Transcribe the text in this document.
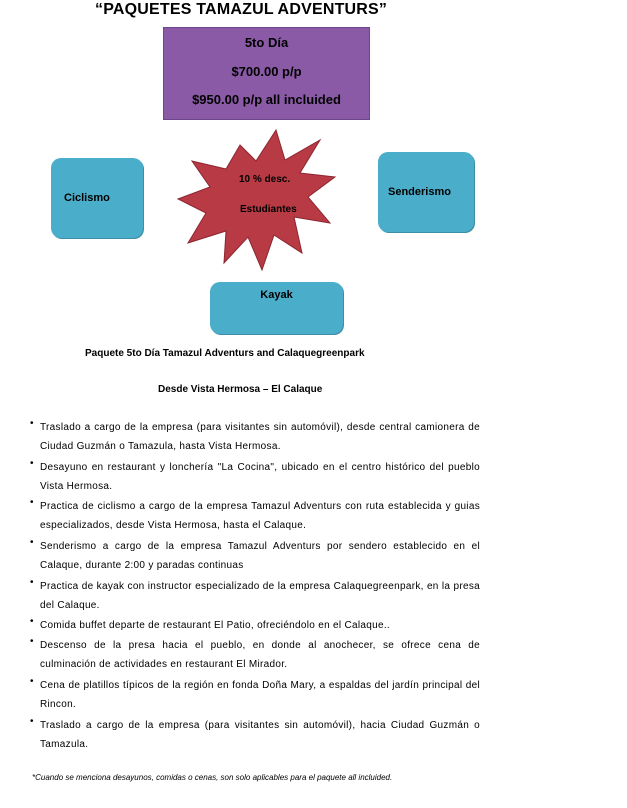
“PAQUETES TAMAZUL ADVENTURS”
5to Día
$700.00 p/p
$950.00 p/p all incluided
Ciclismo	Senderismo
Kayak
10 % desc.
Estudiantes
Paquete 5to Día Tamazul Adventurs and Calaquegreenpark
Desde Vista Hermosa – El Calaque
• Traslado a cargo de la empresa (para visitantes sin automóvil), desde central camionera de Ciudad Guzmán o Tamazula, hasta Vista Hermosa.
• Desayuno en restaurant y lonchería "La Cocina", ubicado en el centro histórico del pueblo Vista Hermosa.
• Practica de ciclismo a cargo de la empresa Tamazul Adventurs con ruta establecida y guias especializados, desde Vista Hermosa, hasta el Calaque.
• Senderismo a cargo de la empresa Tamazul Adventurs por sendero establecido en el Calaque, durante 2:00 y paradas continuas
• Practica de kayak con instructor especializado de la empresa Calaquegreenpark, en la presa del Calaque.
• Comida buffet departe de restaurant El Patio, ofreciéndolo en el Calaque..
• Descenso de la presa hacia el pueblo, en donde al anochecer, se ofrece cena de culminación de actividades en restaurant El Mirador.
• Cena de platillos típicos de la región en fonda Doña Mary, a espaldas del jardín principal del Rincon.
• Traslado a cargo de la empresa (para visitantes sin automóvil), hacia Ciudad Guzmán o Tamazula.
*Cuando se menciona desayunos, comidas o cenas, son solo aplicables para el paquete all incluided.
